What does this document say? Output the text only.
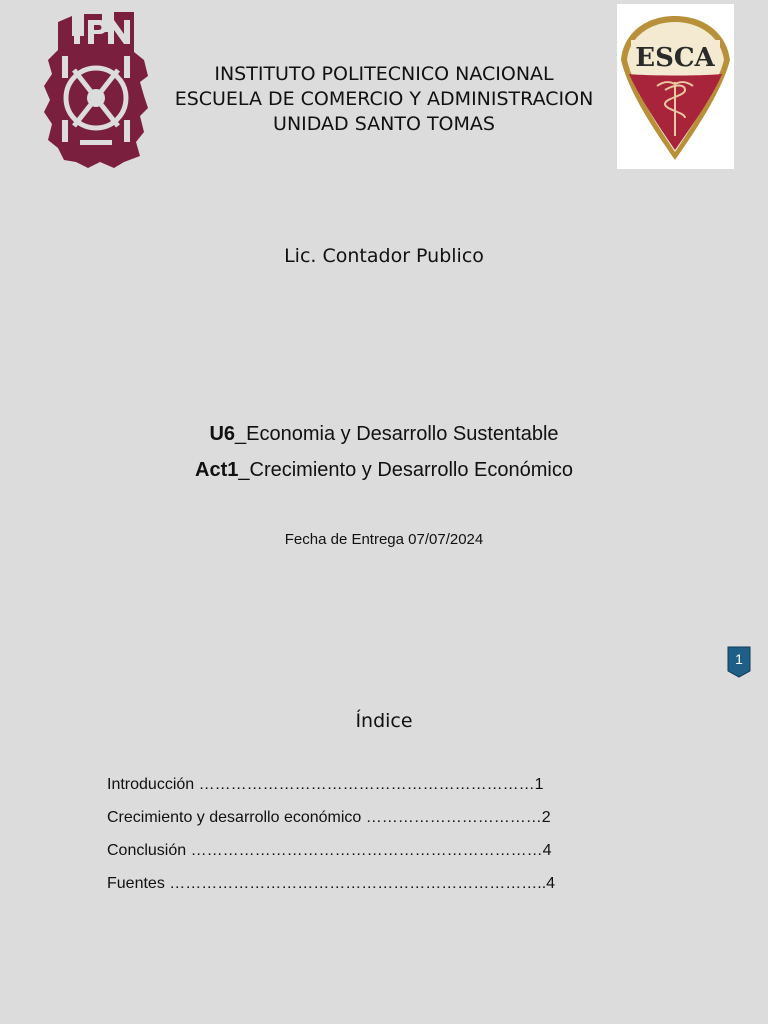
ESCA
INSTITUTO POLITECNICO NACIONAL
ESCUELA DE COMERCIO Y ADMINISTRACION
UNIDAD SANTO TOMAS
Lic. Contador Publico
U6_Economia y Desarrollo Sustentable
Act1_Crecimiento y Desarrollo Económico
Fecha de Entrega 07/07/2024
1
Índice
Introducción ………………………………………………………1
Crecimiento y desarrollo económico ……………………………2
Conclusión …………………………………………………………4
Fuentes ……………………………………………………………..4
